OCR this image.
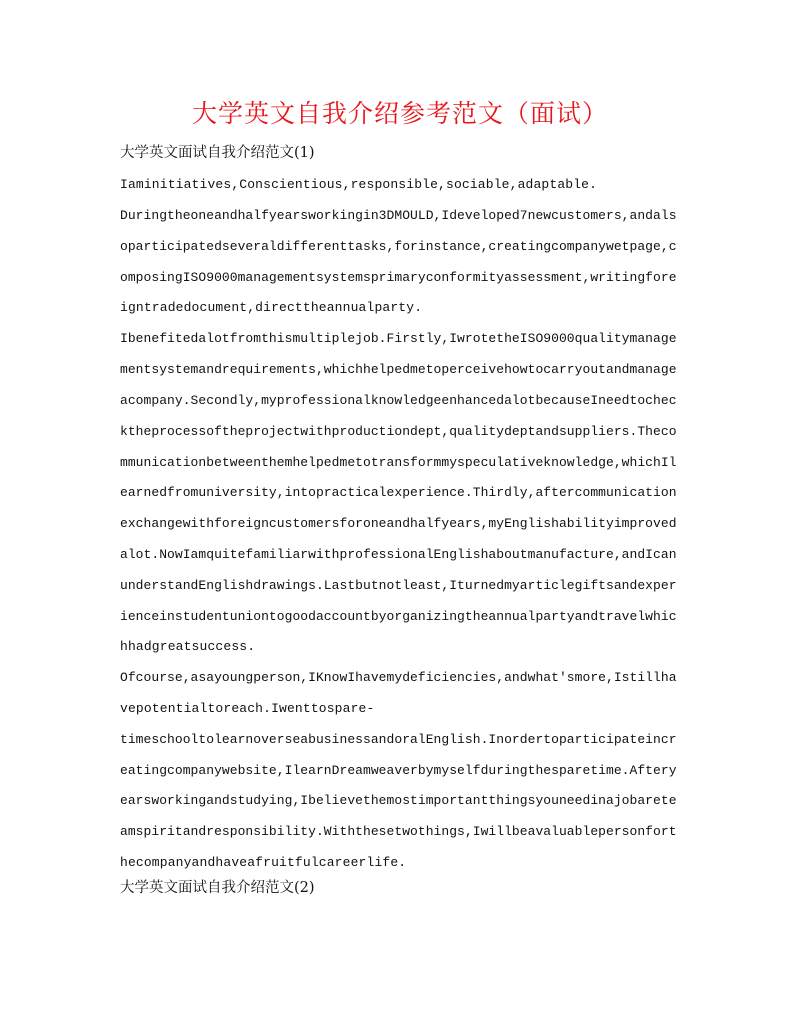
大学英文自我介绍参考范文（面试）
大学英文面试自我介绍范文(1)
Iaminitiatives,Conscientious,responsible,sociable,adaptable.
Duringtheoneandhalfyearsworkingin3DMOULD,Ideveloped7newcustomers,andals
oparticipatedseveraldifferenttasks,forinstance,creatingcompanywetpage,c
omposingISO9000managementsystemsprimaryconformityassessment,writingfore
igntradedocument,directtheannualparty.
Ibenefitedalotfromthismultiplejob.Firstly,IwrotetheISO9000qualitymanage
mentsystemandrequirements,whichhelpedmetoperceivehowtocarryoutandmanage
acompany.Secondly,myprofessionalknowledgeenhancedalotbecauseIneedtochec
ktheprocessoftheprojectwithproductiondept,qualitydeptandsuppliers.Theco
mmunicationbetweenthemhelpedmetotransformmyspeculativeknowledge,whichIl
earnedfromuniversity,intopracticalexperience.Thirdly,aftercommunication
exchangewithforeigncustomersforoneandhalfyears,myEnglishabilityimproved
alot.NowIamquitefamiliarwithprofessionalEnglishaboutmanufacture,andIcan
understandEnglishdrawings.Lastbutnotleast,Iturnedmyarticlegiftsandexper
ienceinstudentuniontogoodaccountbyorganizingtheannualpartyandtravelwhic
hhadgreatsuccess.
Ofcourse,asayoungperson,IKnowIhavemydeficiencies,andwhat'smore,Istillha
vepotentialtoreach.Iwenttospare-
timeschooltolearnoverseabusinessandoralEnglish.Inordertoparticipateincr
eatingcompanywebsite,IlearnDreamweaverbymyselfduringthesparetime.Aftery
earsworkingandstudying,Ibelievethemostimportantthingsyouneedinajobarete
amspiritandresponsibility.Withthesetwothings,Iwillbeavaluablepersonfort
hecompanyandhaveafruitfulcareerlife.
大学英文面试自我介绍范文(2)
